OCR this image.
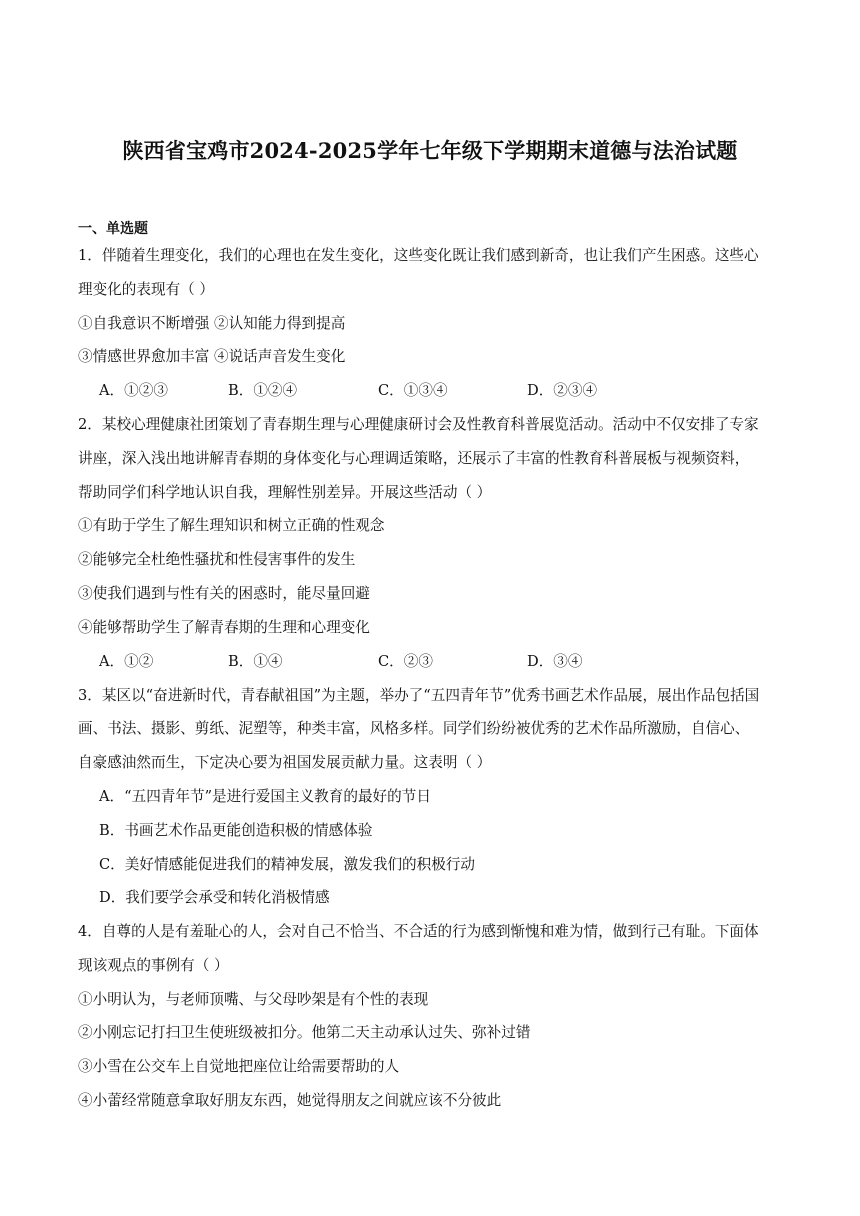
陕西省宝鸡市2024-2025学年七年级下学期期末道德与法治试题
一、单选题
1．伴随着生理变化，我们的心理也在发生变化，这些变化既让我们感到新奇，也让我们产生困惑。这些心
理变化的表现有（ ）
①自我意识不断增强 ②认知能力得到提高
③情感世界愈加丰富 ④说话声音发生变化
A．①②③	B．①②④	C．①③④	D．②③④
2．某校心理健康社团策划了青春期生理与心理健康研讨会及性教育科普展览活动。活动中不仅安排了专家
讲座，深入浅出地讲解青春期的身体变化与心理调适策略，还展示了丰富的性教育科普展板与视频资料，
帮助同学们科学地认识自我，理解性别差异。开展这些活动（ ）
①有助于学生了解生理知识和树立正确的性观念
②能够完全杜绝性骚扰和性侵害事件的发生
③使我们遇到与性有关的困惑时，能尽量回避
④能够帮助学生了解青春期的生理和心理变化
A．①②	B．①④	C．②③	D．③④
3．某区以“奋进新时代，青春献祖国”为主题，举办了“五四青年节”优秀书画艺术作品展，展出作品包括国
画、书法、摄影、剪纸、泥塑等，种类丰富，风格多样。同学们纷纷被优秀的艺术作品所激励，自信心、
自豪感油然而生，下定决心要为祖国发展贡献力量。这表明（ ）
A．“五四青年节”是进行爱国主义教育的最好的节日
B．书画艺术作品更能创造积极的情感体验
C．美好情感能促进我们的精神发展，激发我们的积极行动
D．我们要学会承受和转化消极情感
4．自尊的人是有羞耻心的人，会对自己不恰当、不合适的行为感到惭愧和难为情，做到行己有耻。下面体
现该观点的事例有（ ）
①小明认为，与老师顶嘴、与父母吵架是有个性的表现
②小刚忘记打扫卫生使班级被扣分。他第二天主动承认过失、弥补过错
③小雪在公交车上自觉地把座位让给需要帮助的人
④小蕾经常随意拿取好朋友东西，她觉得朋友之间就应该不分彼此
